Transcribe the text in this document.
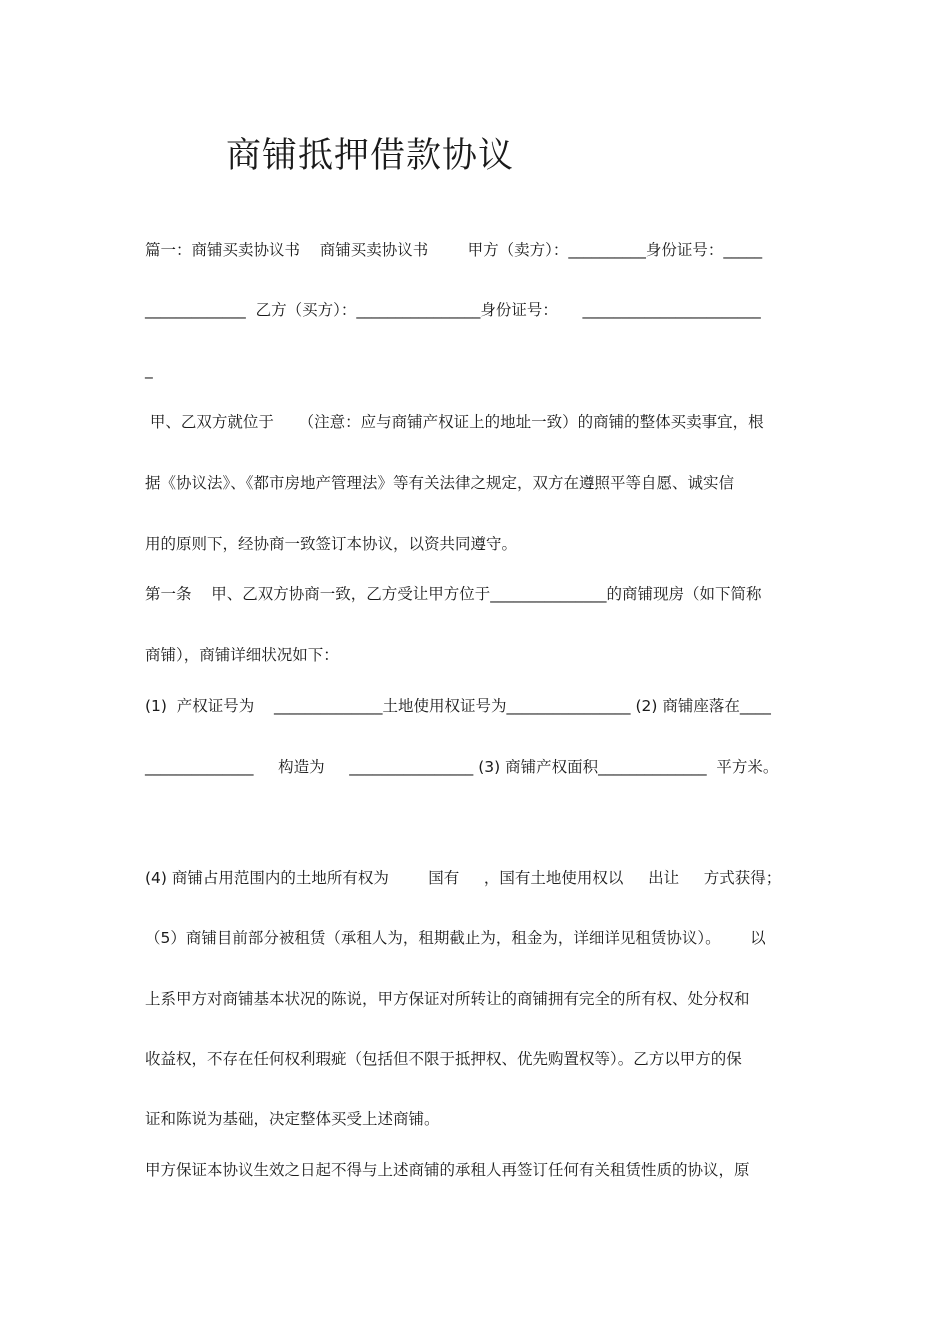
商铺抵押借款协议
篇一：商铺买卖协议书    商铺买卖协议书        甲方（卖方）：__________身份证号：_____
_____________  乙方（买方）：________________身份证号：     _______________________
_
甲、乙双方就位于     （注意：应与商铺产权证上的地址一致）的商铺的整体买卖事宜，根
据《协议法》、《都市房地产管理法》等有关法律之规定，双方在遵照平等自愿、诚实信
用的原则下，经协商一致签订本协议，以资共同遵守。
第一条    甲、乙双方协商一致，乙方受让甲方位于_______________的商铺现房（如下简称
商铺），商铺详细状况如下：
(1)  产权证号为    ______________土地使用权证号为________________ (2) 商铺座落在____
______________     构造为     ________________ (3) 商铺产权面积______________  平方米。
(4) 商铺占用范围内的土地所有权为        国有     ，国有土地使用权以     出让     方式获得；
（5）商铺目前部分被租赁（承租人为，租期截止为，租金为，详细详见租赁协议）。      以
上系甲方对商铺基本状况的陈说，甲方保证对所转让的商铺拥有完全的所有权、处分权和
收益权，不存在任何权利瑕疵（包括但不限于抵押权、优先购置权等）。乙方以甲方的保
证和陈说为基础，决定整体买受上述商铺。
甲方保证本协议生效之日起不得与上述商铺的承租人再签订任何有关租赁性质的协议，原
